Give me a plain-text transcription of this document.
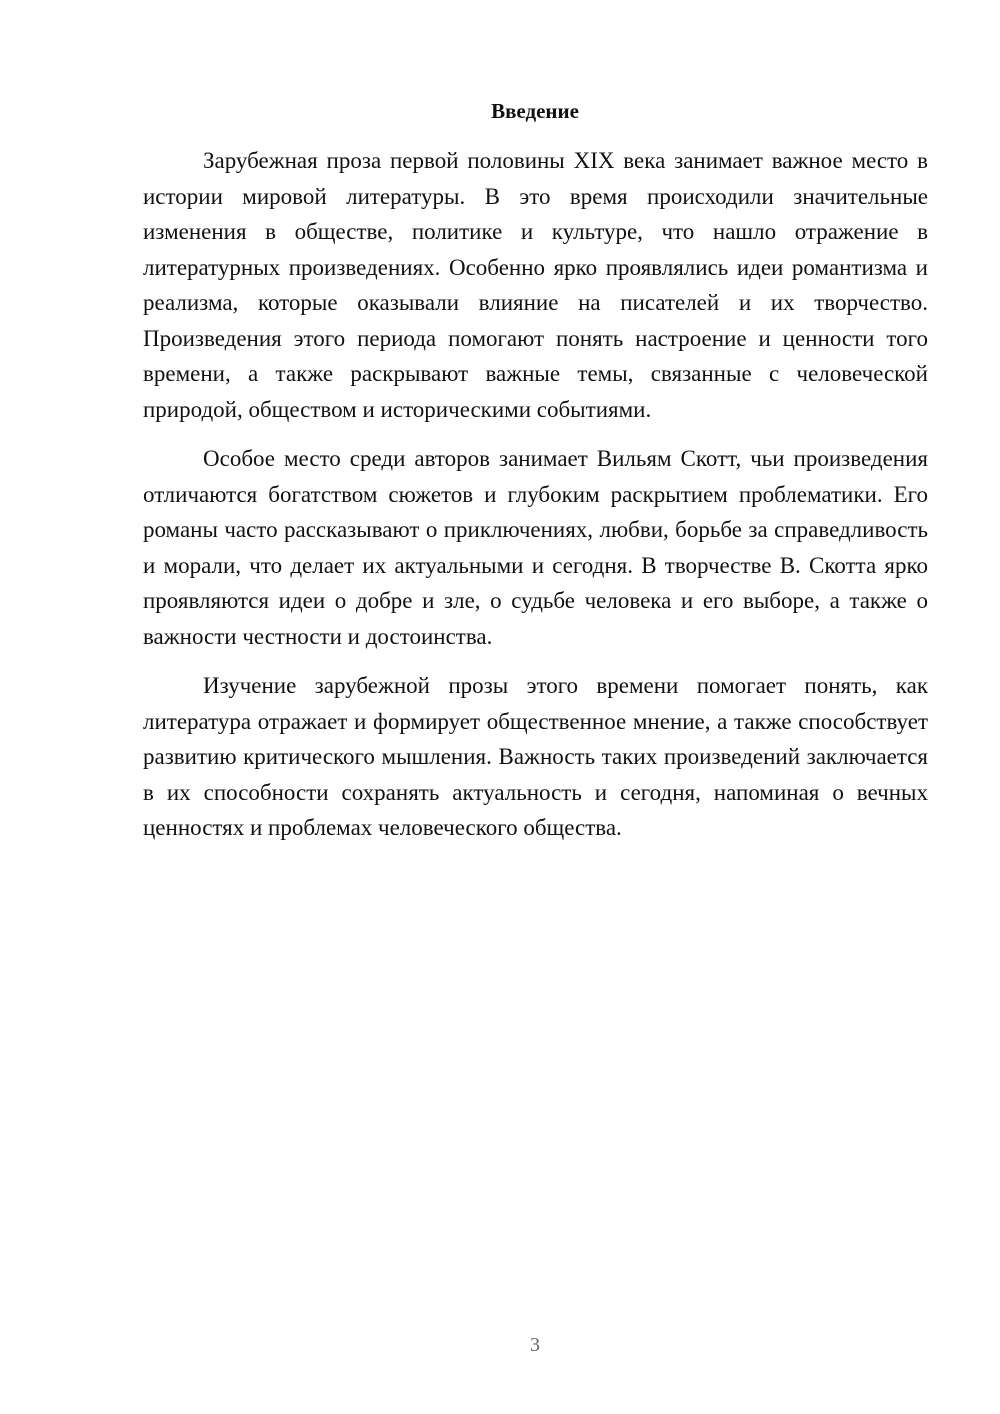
Введение

Зарубежная проза первой половины XIX века занимает важное место в истории мировой литературы. В это время происходили значительные изменения в обществе, политике и культуре, что нашло отражение в литературных произведениях. Особенно ярко проявлялись идеи романтизма и реализма, которые оказывали влияние на писателей и их творчество. Произведения этого периода помогают понять настроение и ценности того времени, а также раскрывают важные темы, связанные с человеческой природой, обществом и историческими событиями.

Особое место среди авторов занимает Вильям Скотт, чьи произведения отличаются богатством сюжетов и глубоким раскрытием проблематики. Его романы часто рассказывают о приключениях, любви, борьбе за справедливость и морали, что делает их актуальными и сегодня. В творчестве В. Скотта ярко проявляются идеи о добре и зле, о судьбе человека и его выборе, а также о важности честности и достоинства.

Изучение зарубежной прозы этого времени помогает понять, как литература отражает и формирует общественное мнение, а также способствует развитию критического мышления. Важность таких произведений заключается в их способности сохранять актуальность и сегодня, напоминая о вечных ценностях и проблемах человеческого общества.

3
